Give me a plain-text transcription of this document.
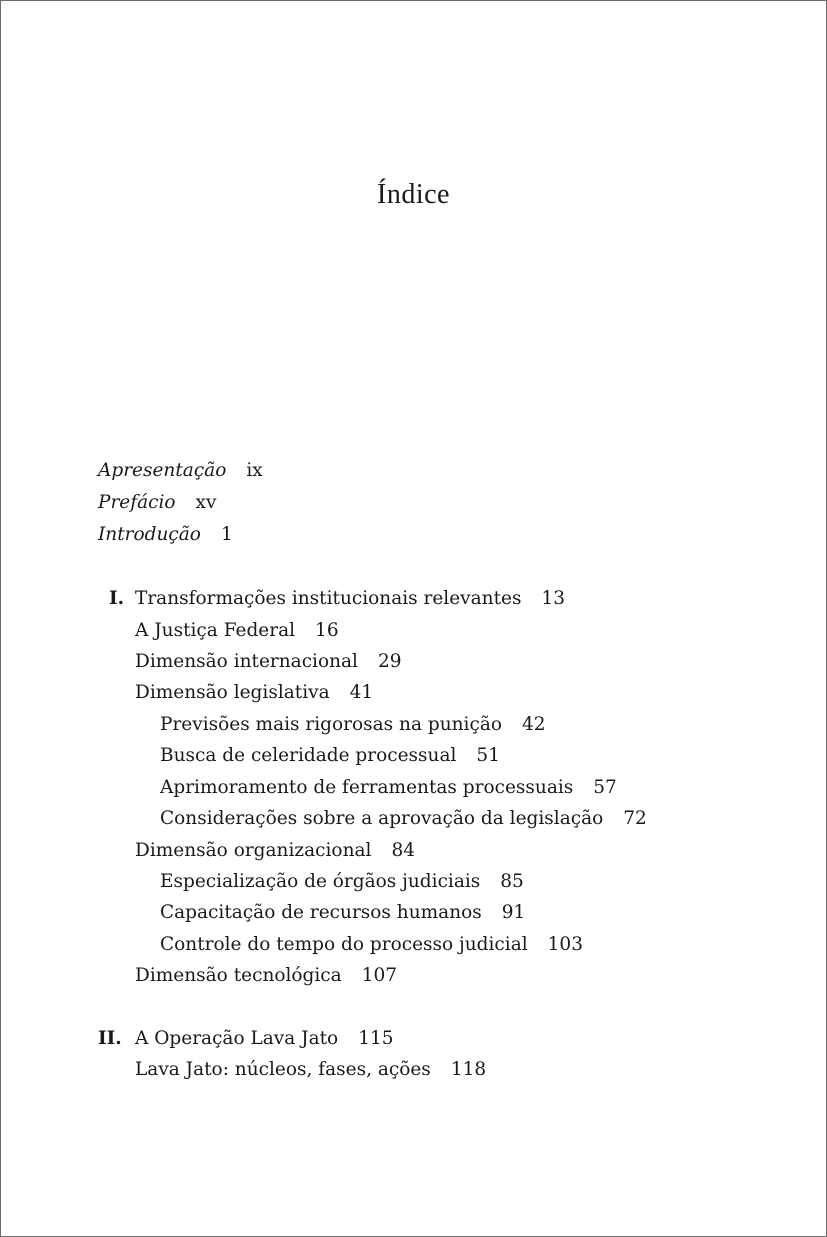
Índice
Apresentação ix
Prefácio xv
Introdução 1
I. Transformações institucionais relevantes 13
A Justiça Federal 16
Dimensão internacional 29
Dimensão legislativa 41
Previsões mais rigorosas na punição 42
Busca de celeridade processual 51
Aprimoramento de ferramentas processuais 57
Considerações sobre a aprovação da legislação 72
Dimensão organizacional 84
Especialização de órgãos judiciais 85
Capacitação de recursos humanos 91
Controle do tempo do processo judicial 103
Dimensão tecnológica 107
II. A Operação Lava Jato 115
Lava Jato: núcleos, fases, ações 118
